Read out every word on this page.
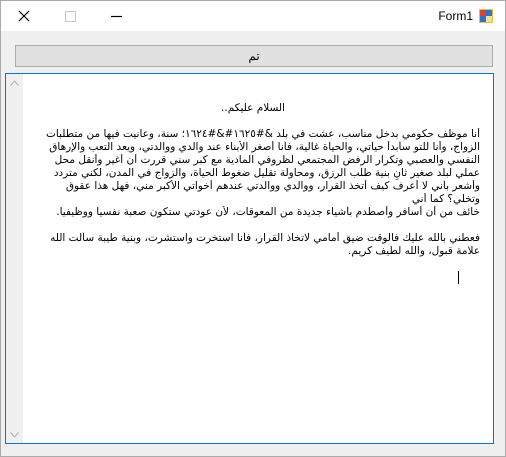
Form1
تم
السلام عليكم..
أنا موظف حكومي بدخل مناسب، عشت في بلد &#١٦٢٥#&#١٦٢٤؛ سنة، وعانيت فيها من متطلبات
الزواج، وأنا للتو سأبدأ حياتي، والحياة غالية، فأنا أصغر الأبناء عند والدي ووالدتي، ويعد التعب والإرهاق
النفسي والعصبي وتكرار الرفض المجتمعي لظروفي المادية مع كبر سني قررت أن أغير وأنقل محل
عملي لبلد صغير ثانٍ بنية طلب الرزق، ومحاولة تقليل ضغوط الحياة، والزواج في المدن، لكني متردد
وأشعر بأني لا أعرف كيف أتخذ القرار، ووالدي ووالدتي عندهم أخواتي الأكبر مني، فهل هذا عقوق
وتخلي؟ كما أني
خائف من أن أسافر وأصطدم بأشياء جديدة من المعوقات، لأن عودتي ستكون صعبة نفسيا ووظيفيا.
فعطني بالله عليك فالوقت ضيق أمامي لاتخاذ القرار، فأنا استخرت واستشرت، وبنية طيبة سألت الله
علامة قبول، والله لطيف كريم.
